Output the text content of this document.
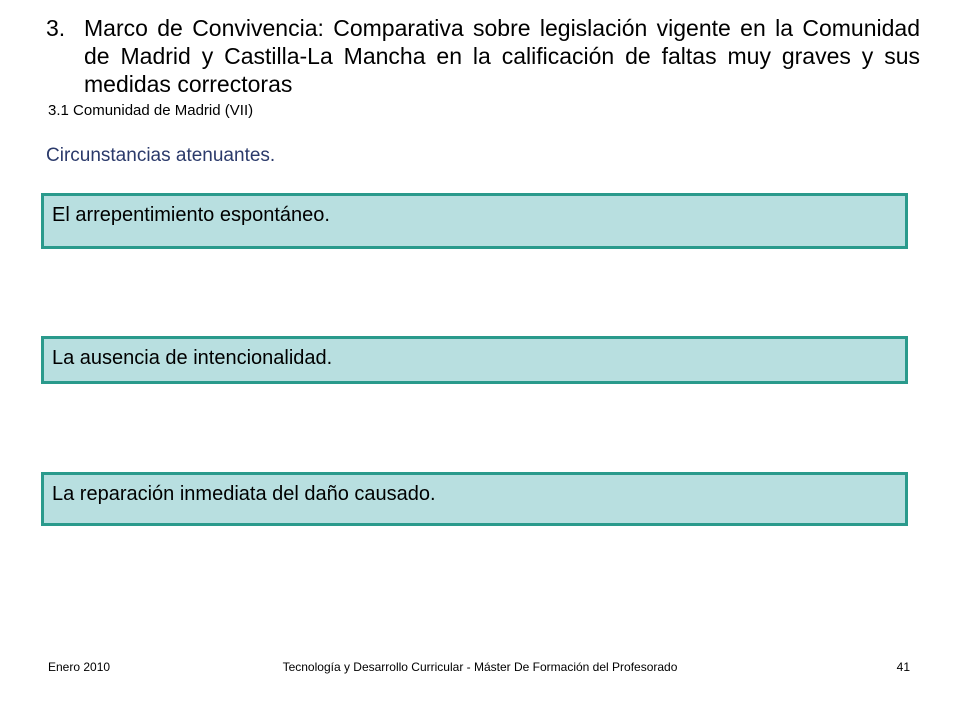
3. Marco de Convivencia: Comparativa sobre legislación vigente en la Comunidad de Madrid y Castilla-La Mancha en la calificación de faltas muy graves y sus medidas correctoras
3.1 Comunidad de Madrid (VII)
Circunstancias atenuantes.
El arrepentimiento espontáneo.
La ausencia de intencionalidad.
La reparación inmediata del daño causado.
Tecnología y Desarrollo Curricular - Máster De Formación del Profesorado
Enero 2010	41
